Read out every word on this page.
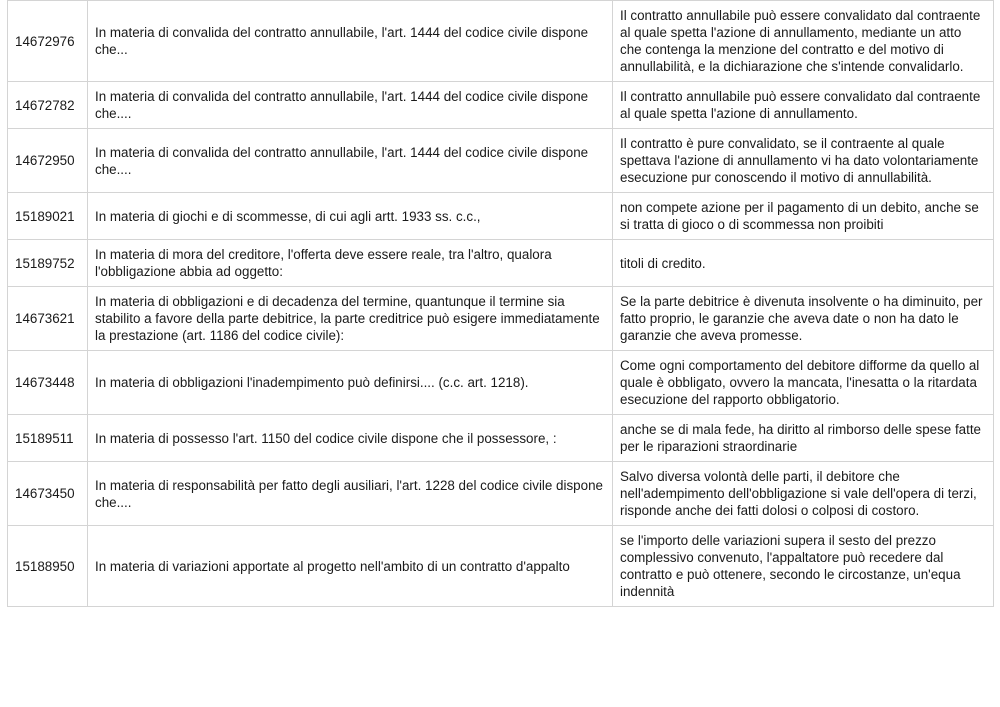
14672976	In materia di convalida del contratto annullabile, l'art. 1444 del codice civile dispone che...	Il contratto annullabile può essere convalidato dal contraente al quale spetta l'azione di annullamento, mediante un atto che contenga la menzione del contratto e del motivo di annullabilità, e la dichiarazione che s'intende convalidarlo.
14672782	In materia di convalida del contratto annullabile, l'art. 1444 del codice civile dispone che....	Il contratto annullabile può essere convalidato dal contraente al quale spetta l'azione di annullamento.
14672950	In materia di convalida del contratto annullabile, l'art. 1444 del codice civile dispone che....	Il contratto è pure convalidato, se il contraente al quale spettava l'azione di annullamento vi ha dato volontariamente esecuzione pur conoscendo il motivo di annullabilità.
15189021	In materia di giochi e di scommesse, di cui agli artt. 1933 ss. c.c.,	non compete azione per il pagamento di un debito, anche se si tratta di gioco o di scommessa non proibiti
15189752	In materia di mora del creditore, l'offerta deve essere reale, tra l'altro, qualora l'obbligazione abbia ad oggetto:	titoli di credito.
14673621	In materia di obbligazioni e di decadenza del termine, quantunque il termine sia stabilito a favore della parte debitrice, la parte creditrice può esigere immediatamente la prestazione (art. 1186 del codice civile):	Se la parte debitrice è divenuta insolvente o ha diminuito, per fatto proprio, le garanzie che aveva date o non ha dato le garanzie che aveva promesse.
14673448	In materia di obbligazioni l'inadempimento può definirsi.... (c.c. art. 1218).	Come ogni comportamento del debitore difforme da quello al quale è obbligato, ovvero la mancata, l'inesatta o la ritardata esecuzione del rapporto obbligatorio.
15189511	In materia di possesso l'art. 1150 del codice civile dispone che il possessore, :	anche se di mala fede, ha diritto al rimborso delle spese fatte per le riparazioni straordinarie
14673450	In materia di responsabilità per fatto degli ausiliari, l'art. 1228 del codice civile dispone che....	Salvo diversa volontà delle parti, il debitore che nell'adempimento dell'obbligazione si vale dell'opera di terzi, risponde anche dei fatti dolosi o colposi di costoro.
15188950	In materia di variazioni apportate al progetto nell'ambito di un contratto d'appalto	se l'importo delle variazioni supera il sesto del prezzo complessivo convenuto, l'appaltatore può recedere dal contratto e può ottenere, secondo le circostanze, un'equa indennità
